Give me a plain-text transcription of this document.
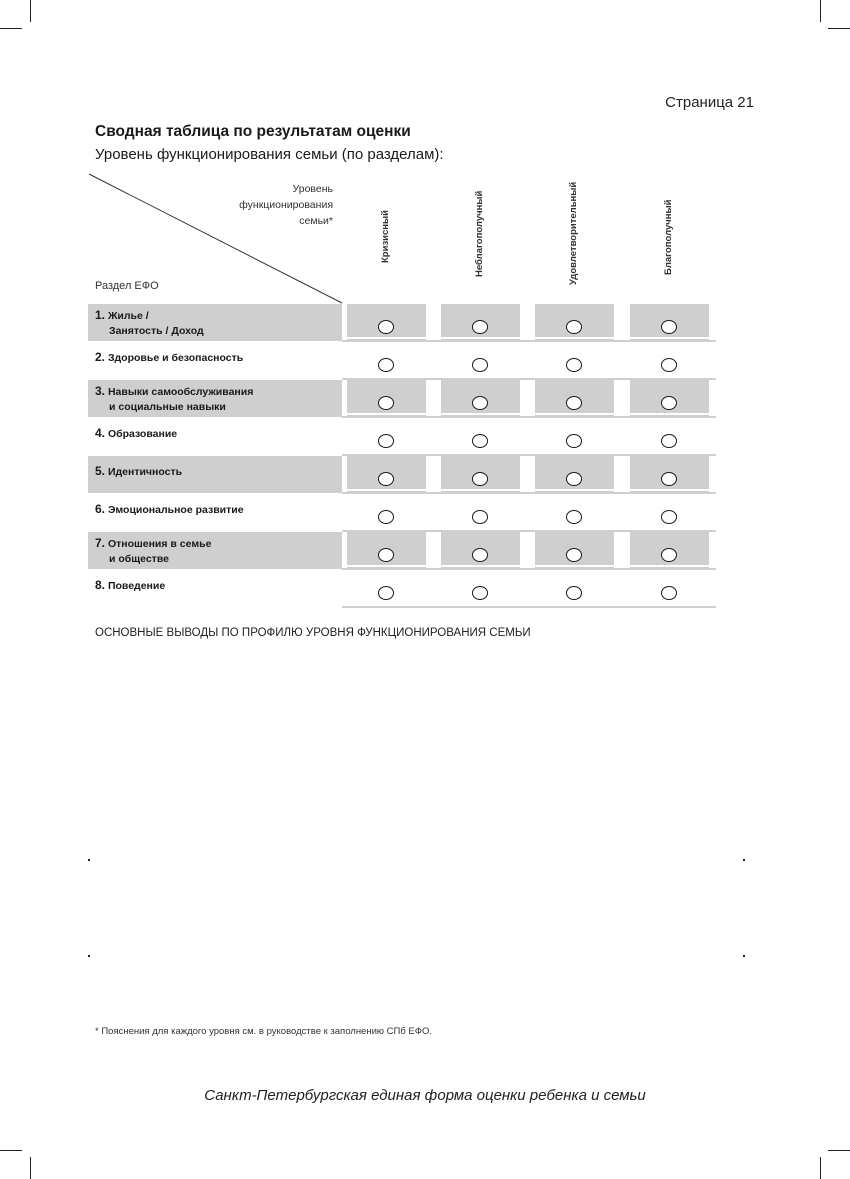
Страница 21
Сводная таблица по результатам оценки
Уровень функционирования семьи (по разделам):
Уровень
функционирования
семьи*
Раздел ЕФО
Кризисный	Неблагополучный	Удовлетворительный	Благополучный
1. Жилье /
Занятость / Доход
2. Здоровье и безопасность
3. Навыки самообслуживания
и социальные навыки
4. Образование
5. Идентичность
6. Эмоциональное развитие
7. Отношения в семье
и обществе
8. Поведение
ОСНОВНЫЕ ВЫВОДЫ ПО ПРОФИЛЮ УРОВНЯ ФУНКЦИОНИРОВАНИЯ СЕМЬИ
* Пояснения для каждого уровня см. в руководстве к заполнению СПб ЕФО.
Санкт-Петербургская единая форма оценки ребенка и семьи
